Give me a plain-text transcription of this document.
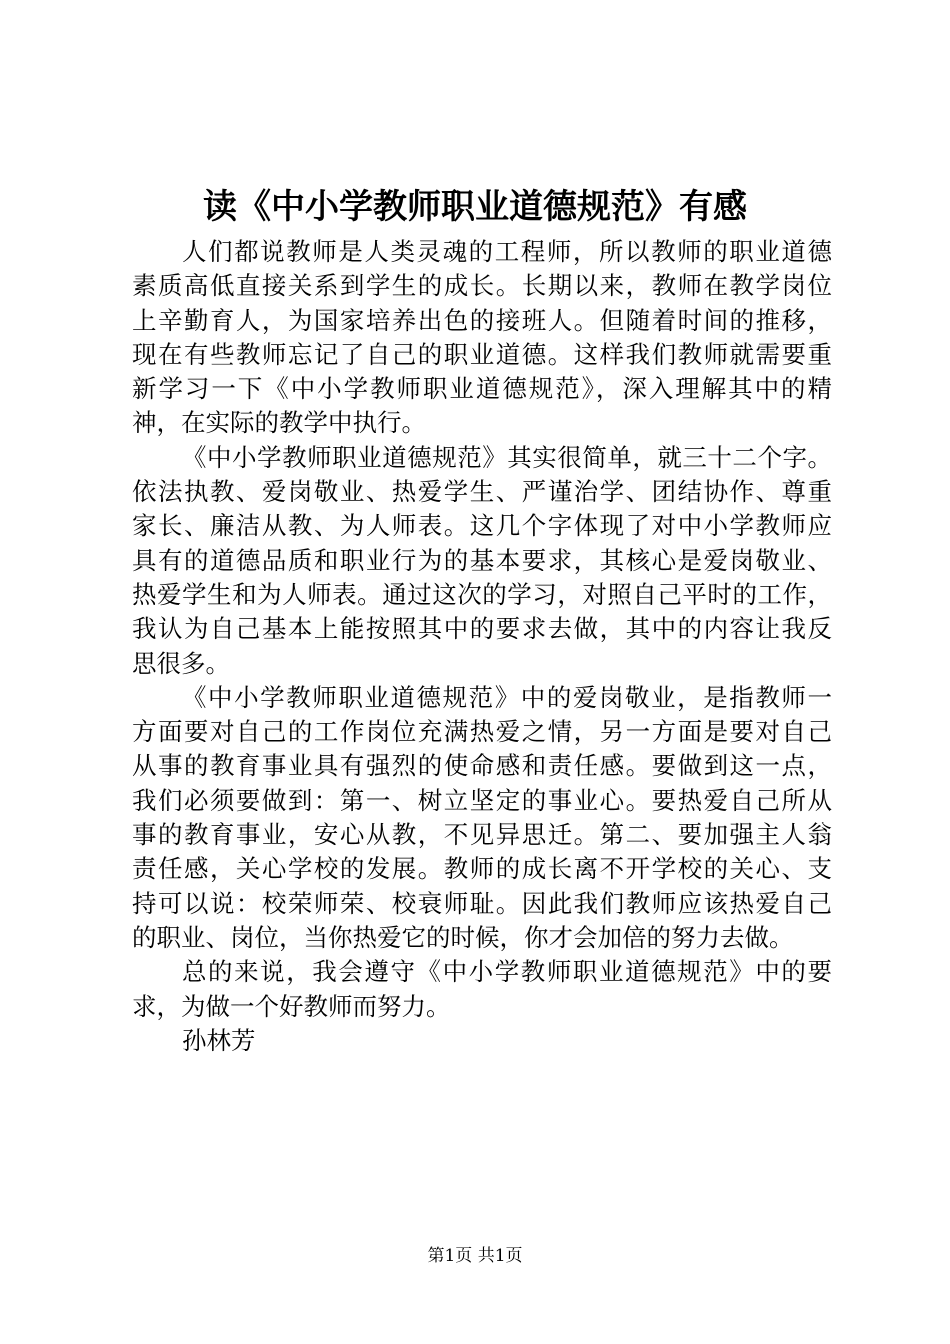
读《中小学教师职业道德规范》有感
人们都说教师是人类灵魂的工程师，所以教师的职业道德
素质高低直接关系到学生的成长。长期以来，教师在教学岗位
上辛勤育人，为国家培养出色的接班人。但随着时间的推移，
现在有些教师忘记了自己的职业道德。这样我们教师就需要重
新学习一下《中小学教师职业道德规范》，深入理解其中的精
神，在实际的教学中执行。
《中小学教师职业道德规范》其实很简单，就三十二个字。
依法执教、爱岗敬业、热爱学生、严谨治学、团结协作、尊重
家长、廉洁从教、为人师表。这几个字体现了对中小学教师应
具有的道德品质和职业行为的基本要求，其核心是爱岗敬业、
热爱学生和为人师表。通过这次的学习，对照自己平时的工作，
我认为自己基本上能按照其中的要求去做，其中的内容让我反
思很多。
《中小学教师职业道德规范》中的爱岗敬业，是指教师一
方面要对自己的工作岗位充满热爱之情，另一方面是要对自己
从事的教育事业具有强烈的使命感和责任感。要做到这一点，
我们必须要做到：第一、树立坚定的事业心。要热爱自己所从
事的教育事业，安心从教，不见异思迁。第二、要加强主人翁
责任感，关心学校的发展。教师的成长离不开学校的关心、支
持可以说：校荣师荣、校衰师耻。因此我们教师应该热爱自己
的职业、岗位，当你热爱它的时候，你才会加倍的努力去做。
总的来说，我会遵守《中小学教师职业道德规范》中的要
求，为做一个好教师而努力。
孙林芳
第1页 共1页
